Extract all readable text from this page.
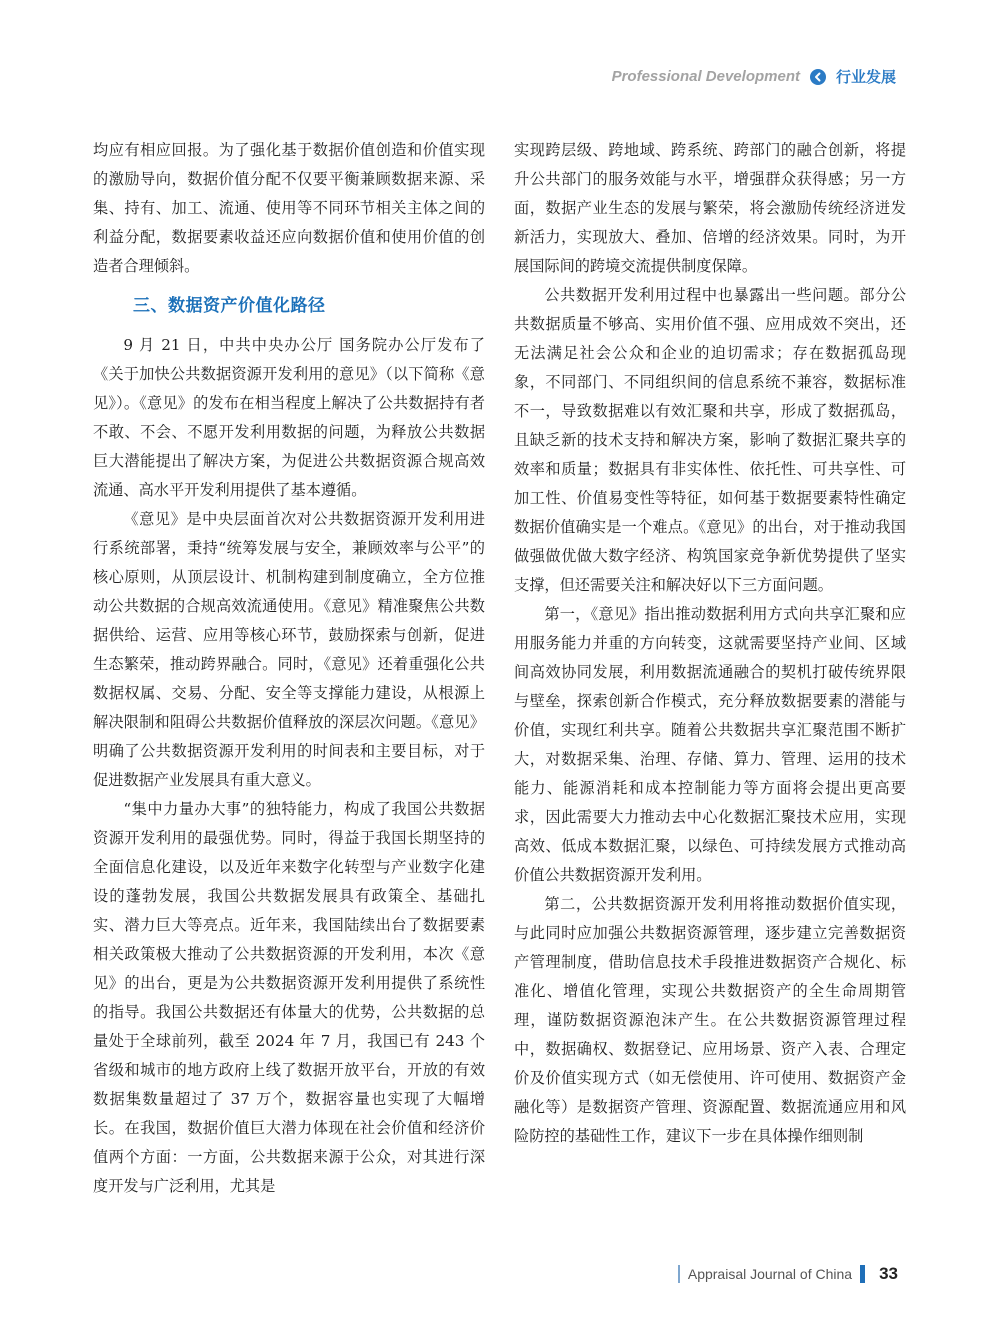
Professional Development 行业发展

均应有相应回报。为了强化基于数据价值创造和价值实现的激励导向，数据价值分配不仅要平衡兼顾数据来源、采集、持有、加工、流通、使用等不同环节相关主体之间的利益分配，数据要素收益还应向数据价值和使用价值的创造者合理倾斜。

三、数据资产价值化路径

9 月 21 日，中共中央办公厅 国务院办公厅发布了《关于加快公共数据资源开发利用的意见》（以下简称《意见》）。《意见》的发布在相当程度上解决了公共数据持有者不敢、不会、不愿开发利用数据的问题，为释放公共数据巨大潜能提出了解决方案，为促进公共数据资源合规高效流通、高水平开发利用提供了基本遵循。

《意见》是中央层面首次对公共数据资源开发利用进行系统部署，秉持“统筹发展与安全，兼顾效率与公平”的核心原则，从顶层设计、机制构建到制度确立，全方位推动公共数据的合规高效流通使用。《意见》精准聚焦公共数据供给、运营、应用等核心环节，鼓励探索与创新，促进生态繁荣，推动跨界融合。同时，《意见》还着重强化公共数据权属、交易、分配、安全等支撑能力建设，从根源上解决限制和阻碍公共数据价值释放的深层次问题。《意见》明确了公共数据资源开发利用的时间表和主要目标，对于促进数据产业发展具有重大意义。

“集中力量办大事”的独特能力，构成了我国公共数据资源开发利用的最强优势。同时，得益于我国长期坚持的全面信息化建设，以及近年来数字化转型与产业数字化建设的蓬勃发展，我国公共数据发展具有政策全、基础扎实、潜力巨大等亮点。近年来，我国陆续出台了数据要素相关政策极大推动了公共数据资源的开发利用，本次《意见》的出台，更是为公共数据资源开发利用提供了系统性的指导。我国公共数据还有体量大的优势，公共数据的总量处于全球前列，截至 2024 年 7 月，我国已有 243 个省级和城市的地方政府上线了数据开放平台，开放的有效数据集数量超过了 37 万个，数据容量也实现了大幅增长。在我国，数据价值巨大潜力体现在社会价值和经济价值两个方面：一方面，公共数据来源于公众，对其进行深度开发与广泛利用，尤其是

实现跨层级、跨地域、跨系统、跨部门的融合创新，将提升公共部门的服务效能与水平，增强群众获得感；另一方面，数据产业生态的发展与繁荣，将会激励传统经济迸发新活力，实现放大、叠加、倍增的经济效果。同时，为开展国际间的跨境交流提供制度保障。

公共数据开发利用过程中也暴露出一些问题。部分公共数据质量不够高、实用价值不强、应用成效不突出，还无法满足社会公众和企业的迫切需求；存在数据孤岛现象，不同部门、不同组织间的信息系统不兼容，数据标准不一，导致数据难以有效汇聚和共享，形成了数据孤岛，且缺乏新的技术支持和解决方案，影响了数据汇聚共享的效率和质量；数据具有非实体性、依托性、可共享性、可加工性、价值易变性等特征，如何基于数据要素特性确定数据价值确实是一个难点。《意见》的出台，对于推动我国做强做优做大数字经济、构筑国家竞争新优势提供了坚实支撑，但还需要关注和解决好以下三方面问题。

第一，《意见》指出推动数据利用方式向共享汇聚和应用服务能力并重的方向转变，这就需要坚持产业间、区域间高效协同发展，利用数据流通融合的契机打破传统界限与壁垒，探索创新合作模式，充分释放数据要素的潜能与价值，实现红利共享。随着公共数据共享汇聚范围不断扩大，对数据采集、治理、存储、算力、管理、运用的技术能力、能源消耗和成本控制能力等方面将会提出更高要求，因此需要大力推动去中心化数据汇聚技术应用，实现高效、低成本数据汇聚，以绿色、可持续发展方式推动高价值公共数据资源开发利用。

第二，公共数据资源开发利用将推动数据价值实现，与此同时应加强公共数据资源管理，逐步建立完善数据资产管理制度，借助信息技术手段推进数据资产合规化、标准化、增值化管理，实现公共数据资产的全生命周期管理，谨防数据资源泡沫产生。在公共数据资源管理过程中，数据确权、数据登记、应用场景、资产入表、合理定价及价值实现方式（如无偿使用、许可使用、数据资产金融化等）是数据资产管理、资源配置、数据流通应用和风险防控的基础性工作，建议下一步在具体操作细则制

Appraisal Journal of China 33
